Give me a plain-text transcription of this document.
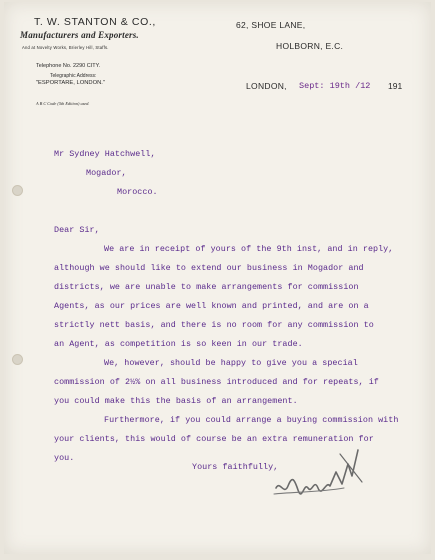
T. W. STANTON & CO.,
Manufacturers and Exporters.
And at Novelty Works, Brierley Hill, Staffs.
Telephone No. 2290 CITY.
Telegraphic Address:
"ESPORTARE, LONDON."
A B C Code (5th Edition) used.
62, SHOE LANE,
HOLBORN, E.C.
LONDON, Sept: 19th /12 191
Mr Sydney Hatchwell,
Mogador,
Morocco.
Dear Sir,
We are in receipt of yours of the 9th inst, and in reply,
although we should like to extend our business in Mogador and
districts, we are unable to make arrangements for commission
Agents, as our prices are well known and printed, and are on a
strictly nett basis, and there is no room for any commission to
an Agent, as competition is so keen in our trade.
We, however, should be happy to give you a special
commission of 2½% on all business introduced and for repeats, if
you could make this the basis of an arrangement.
Furthermore, if you could arrange a buying commission with
your clients, this would of course be an extra remuneration for
you.
Yours faithfully,
